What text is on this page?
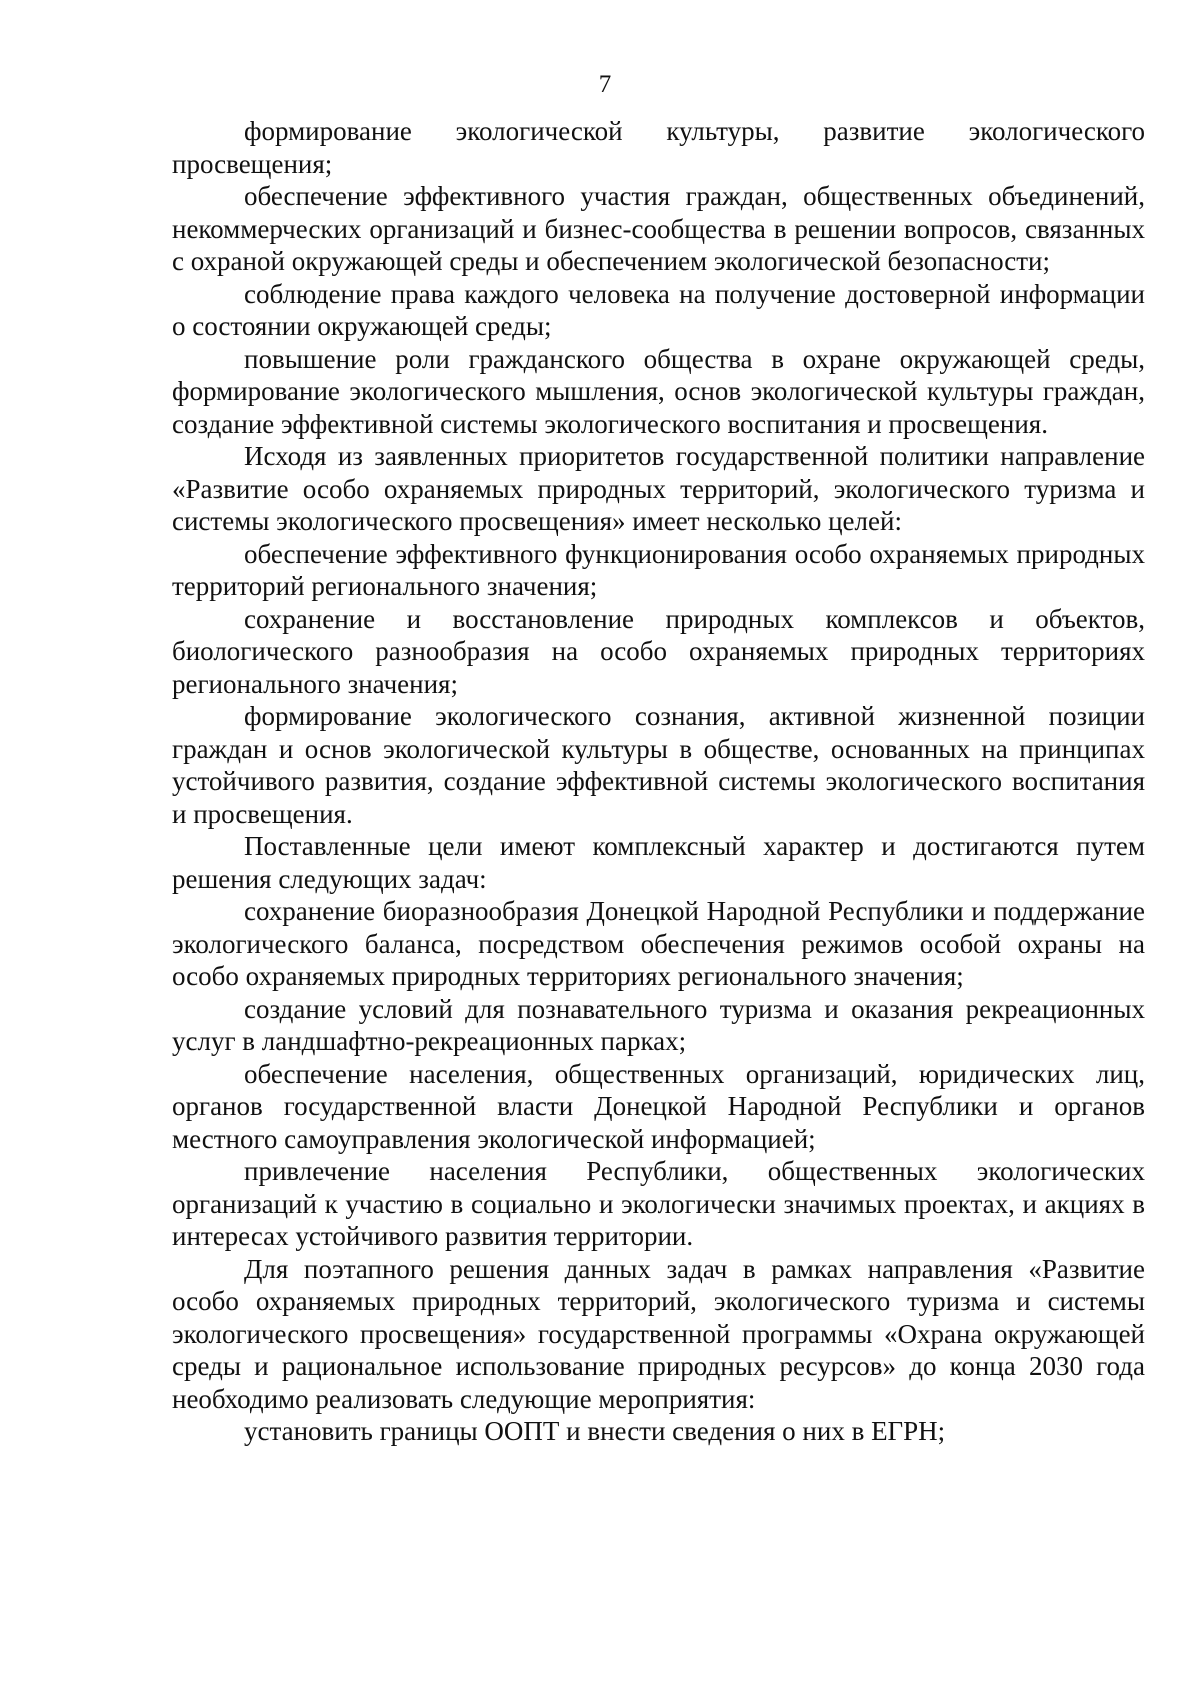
7

формирование экологической культуры, развитие экологического просвещения;

обеспечение эффективного участия граждан, общественных объединений, некоммерческих организаций и бизнес-сообщества в решении вопросов, связанных с охраной окружающей среды и обеспечением экологической безопасности;

соблюдение права каждого человека на получение достоверной информации о состоянии окружающей среды;

повышение роли гражданского общества в охране окружающей среды, формирование экологического мышления, основ экологической культуры граждан, создание эффективной системы экологического воспитания и просвещения.

Исходя из заявленных приоритетов государственной политики направление «Развитие особо охраняемых природных территорий, экологического туризма и системы экологического просвещения» имеет несколько целей:

обеспечение эффективного функционирования особо охраняемых природных территорий регионального значения;

сохранение и восстановление природных комплексов и объектов, биологического разнообразия на особо охраняемых природных территориях регионального значения;

формирование экологического сознания, активной жизненной позиции граждан и основ экологической культуры в обществе, основанных на принципах устойчивого развития, создание эффективной системы экологического воспитания и просвещения.

Поставленные цели имеют комплексный характер и достигаются путем решения следующих задач:

сохранение биоразнообразия Донецкой Народной Республики и поддержание экологического баланса, посредством обеспечения режимов особой охраны на особо охраняемых природных территориях регионального значения;

создание условий для познавательного туризма и оказания рекреационных услуг в ландшафтно-рекреационных парках;

обеспечение населения, общественных организаций, юридических лиц, органов государственной власти Донецкой Народной Республики и органов местного самоуправления экологической информацией;

привлечение населения Республики, общественных экологических организаций к участию в социально и экологически значимых проектах, и акциях в интересах устойчивого развития территории.

Для поэтапного решения данных задач в рамках направления «Развитие особо охраняемых природных территорий, экологического туризма и системы экологического просвещения» государственной программы «Охрана окружающей среды и рациональное использование природных ресурсов» до конца 2030 года необходимо реализовать следующие мероприятия:

установить границы ООПТ и внести сведения о них в ЕГРН;
